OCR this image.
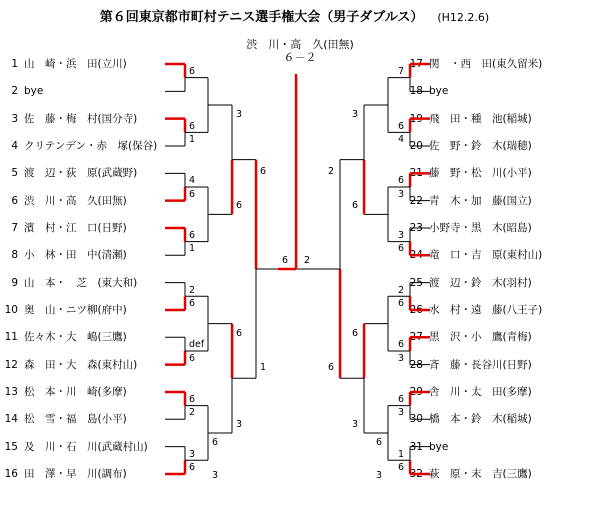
第６回東京都市町村テニス選手権大会（男子ダブルス） (H12.2.6)
渋　川・高　久(田無)
６－２
1 山　崎・浜　田(立川)
2 bye
3 佐　藤・梅　村(国分寺)
4 クリテンデン・赤　塚(保谷)
5 渡　辺・荻　原(武蔵野)
6 渋　川・高　久(田無)
7 濱　村・江　口(日野)
8 小　林・田　中(清瀬)
9 山　本・　芝　(東大和)
10 奥　山・ニツ柳(府中)
11 佐々木・大　嶋(三鷹)
12 森　田・大　森(東村山)
13 松　本・川　崎(多摩)
14 松　雪・福　島(小平)
15 及　川・石　川(武蔵村山)
16 田　澤・早　川(調布)
17 関　・西　田(東久留米)
18 bye
19 飛　田・種　池(稲城)
20 佐　野・鈴　木(瑞穂)
21 藤　野・松　川(小平)
22 青　木・加　藤(国立)
23 小野寺・黒　木(昭島)
24 竜　口・吉　原(東村山)
25 渡　辺・鈴　木(羽村)
26 水　村・遠　藤(八王子)
27 黒　沢・小　鷹(青梅)
28 斉　藤・長谷川(日野)
29 舎　川・太　田(多摩)
30 橋　本・鈴　木(稲城)
31 bye
32 萩　原・末　吉(三鷹)
6
6
1
4
6
6
1
2
6
def
6
6
2
3
6
3
6
6
3
6
3
6
1
7
6
4
6
3
3
6
2
6
6
3
6
3
1
6
3
6
6
3
6
3
2
6
6 2
